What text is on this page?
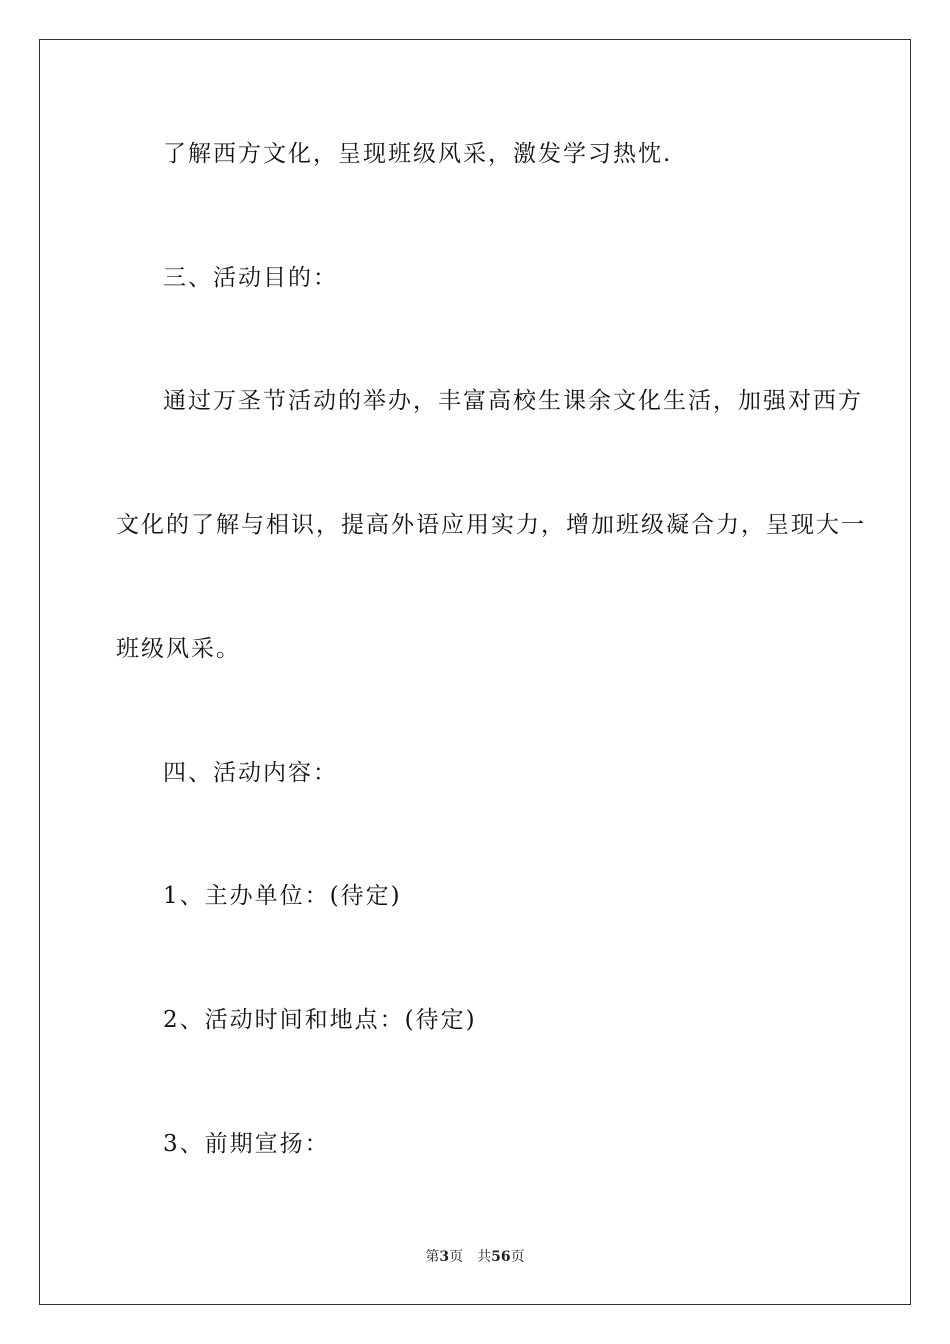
了解西方文化，呈现班级风采，激发学习热忱.
三、活动目的：
通过万圣节活动的举办，丰富高校生课余文化生活，加强对西方
文化的了解与相识，提高外语应用实力，增加班级凝合力，呈现大一
班级风采。
四、活动内容：
1、主办单位：(待定)
2、活动时间和地点：(待定)
3、前期宣扬：
第3页 共56页
